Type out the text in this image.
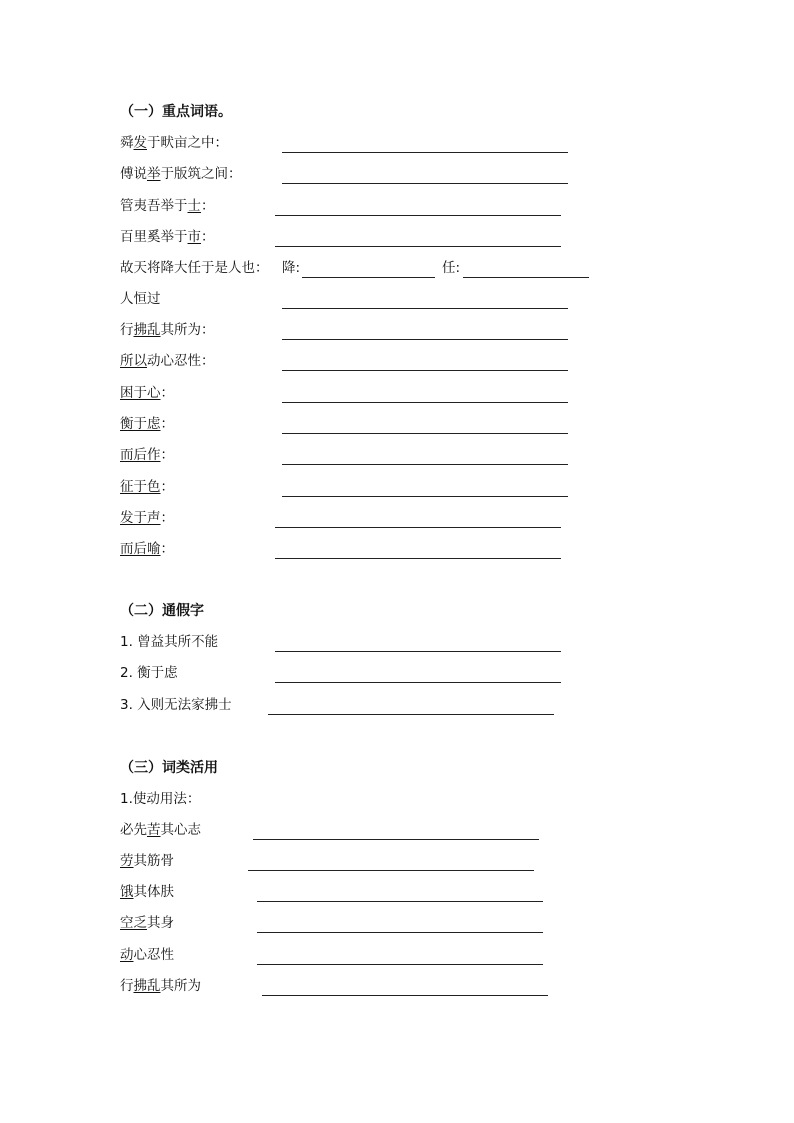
（一）重点词语。
舜发于畎亩之中：
傅说举于版筑之间：
管夷吾举于士：
百里奚举于市：
故天将降大任于是人也： 降:	任:
人恒过
行拂乱其所为：
所以动心忍性：
困于心：
衡于虑：
而后作：
征于色：
发于声：
而后喻：
（二）通假字
1. 曾益其所不能
2. 衡于虑
3. 入则无法家拂士
（三）词类活用
1.使动用法：
必先苦其心志
劳其筋骨
饿其体肤
空乏其身
动心忍性
行拂乱其所为
